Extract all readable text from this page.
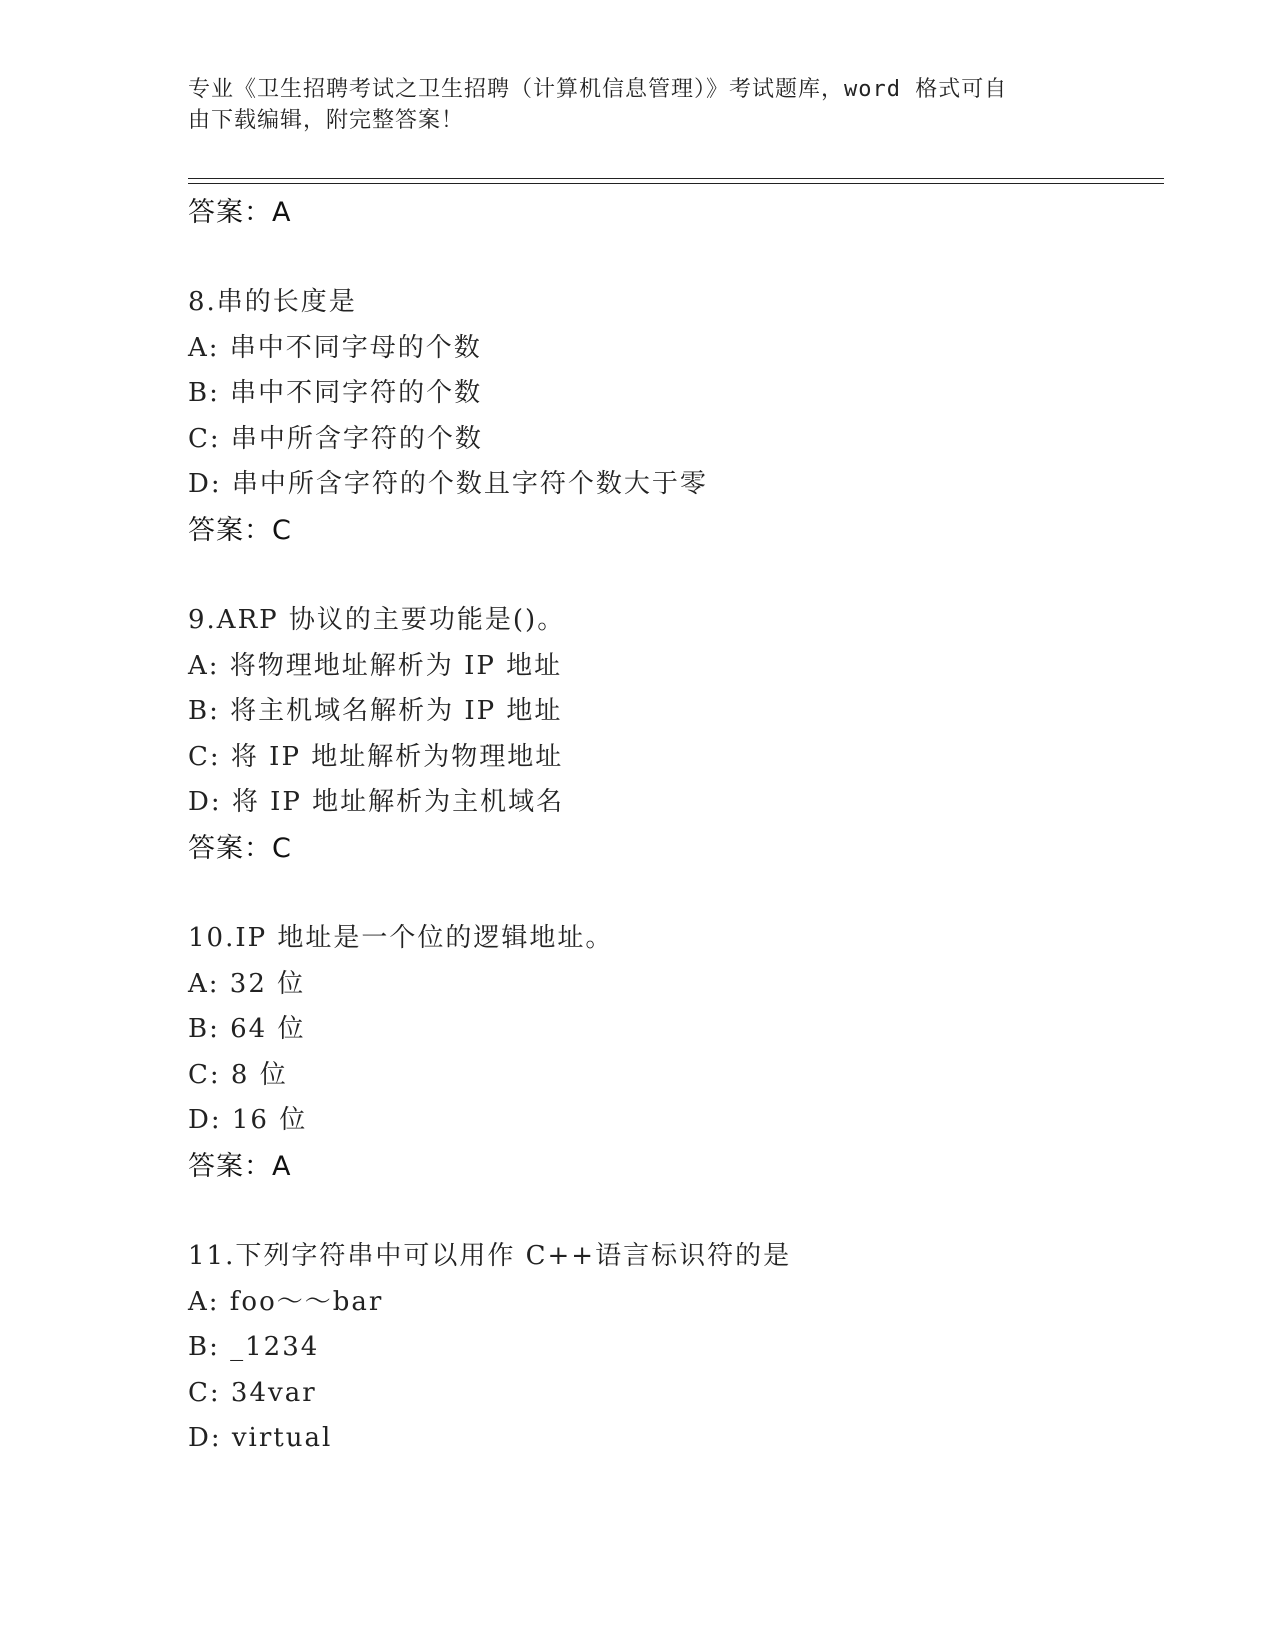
专业《卫生招聘考试之卫生招聘（计算机信息管理）》考试题库，word 格式可自
由下载编辑，附完整答案！
答案：A
8.串的长度是
A: 串中不同字母的个数
B: 串中不同字符的个数
C: 串中所含字符的个数
D: 串中所含字符的个数且字符个数大于零
答案：C
9.ARP 协议的主要功能是()。
A: 将物理地址解析为 IP 地址
B: 将主机域名解析为 IP 地址
C: 将 IP 地址解析为物理地址
D: 将 IP 地址解析为主机域名
答案：C
10.IP 地址是一个位的逻辑地址。
A: 32 位
B: 64 位
C: 8 位
D: 16 位
答案：A
11.下列字符串中可以用作 C++语言标识符的是
A: foo～～bar
B: _1234
C: 34var
D: virtual
